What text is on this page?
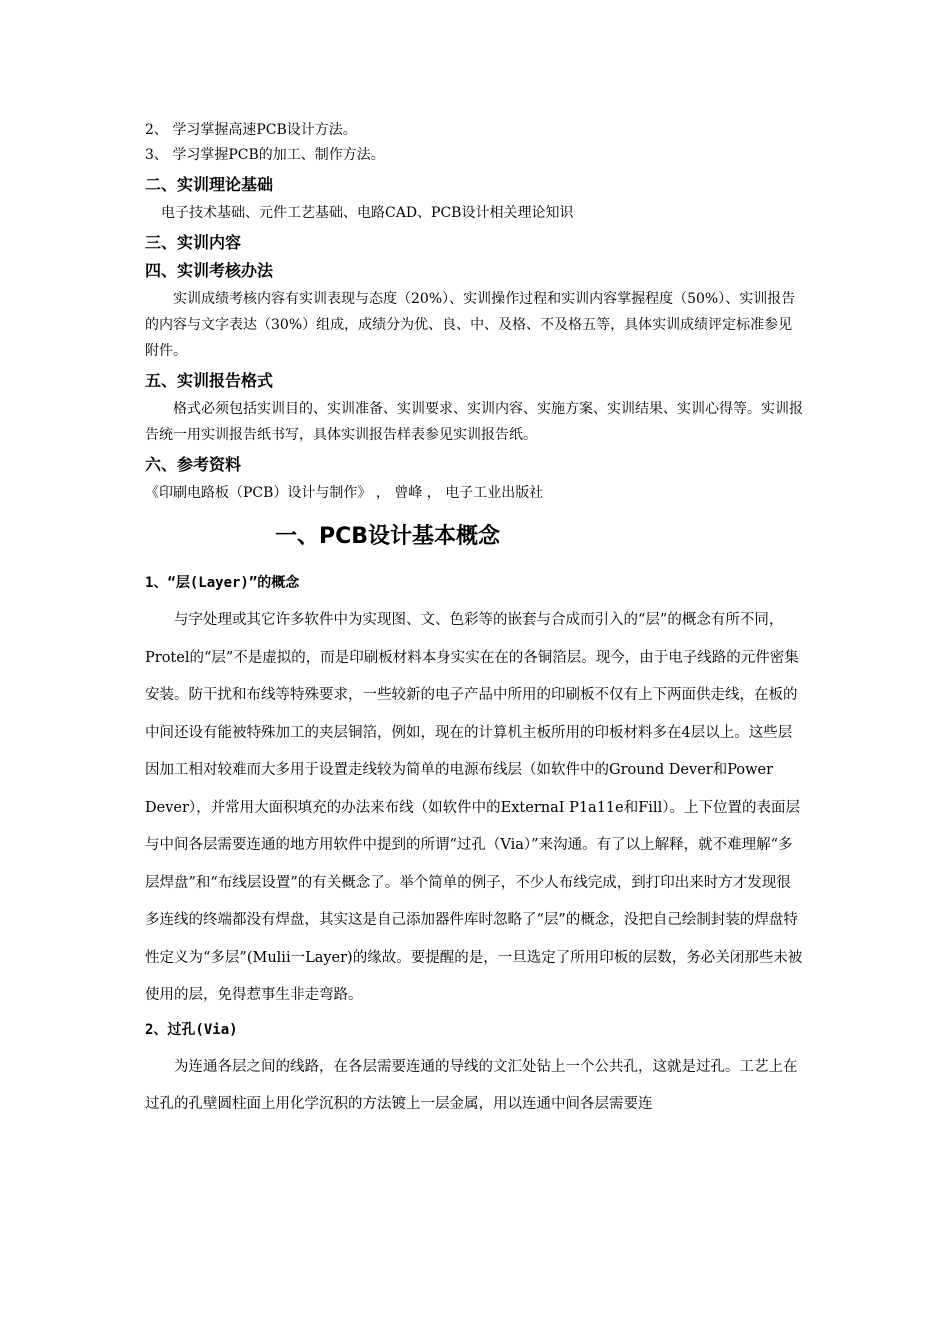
2、 学习掌握高速PCB设计方法。
3、 学习掌握PCB的加工、制作方法。
二、实训理论基础

电子技术基础、元件工艺基础、电路CAD、PCB设计相关理论知识

三、实训内容
四、实训考核办法

实训成绩考核内容有实训表现与态度（20%）、实训操作过程和实训内容掌握程度（50%）、实训报告的内容与文字表达（30%）组成，成绩分为优、良、中、及格、不及格五等，具体实训成绩评定标准参见附件。

五、实训报告格式

格式必须包括实训目的、实训准备、实训要求、实训内容、实施方案、实训结果、实训心得等。实训报告统一用实训报告纸书写，具体实训报告样表参见实训报告纸。

六、参考资料

《印刷电路板（PCB）设计与制作》 ， 曾峰 ， 电子工业出版社

一、PCB设计基本概念
1、“层(Layer)”的概念

与字处理或其它许多软件中为实现图、文、色彩等的嵌套与合成而引入的“层”的概念有所不同，Protel的“层”不是虚拟的，而是印刷板材料本身实实在在的各铜箔层。现今，由于电子线路的元件密集安装。防干扰和布线等特殊要求，一些较新的电子产品中所用的印刷板不仅有上下两面供走线，在板的中间还设有能被特殊加工的夹层铜箔，例如，现在的计算机主板所用的印板材料多在4层以上。这些层因加工相对较难而大多用于设置走线较为简单的电源布线层（如软件中的Ground Dever和Power Dever），并常用大面积填充的办法来布线（如软件中的ExternaI P1a11e和Fill）。上下位置的表面层与中间各层需要连通的地方用软件中提到的所谓“过孔（Via）”来沟通。有了以上解释，就不难理解“多层焊盘”和“布线层设置”的有关概念了。举个简单的例子，不少人布线完成，到打印出来时方才发现很多连线的终端都没有焊盘，其实这是自己添加器件库时忽略了“层”的概念，没把自己绘制封装的焊盘特性定义为“多层”(Mulii一Layer)的缘故。要提醒的是，一旦选定了所用印板的层数，务必关闭那些未被使用的层，免得惹事生非走弯路。

2、过孔(Via)

为连通各层之间的线路，在各层需要连通的导线的文汇处钻上一个公共孔，这就是过孔。工艺上在过孔的孔壁圆柱面上用化学沉积的方法镀上一层金属，用以连通中间各层需要连
